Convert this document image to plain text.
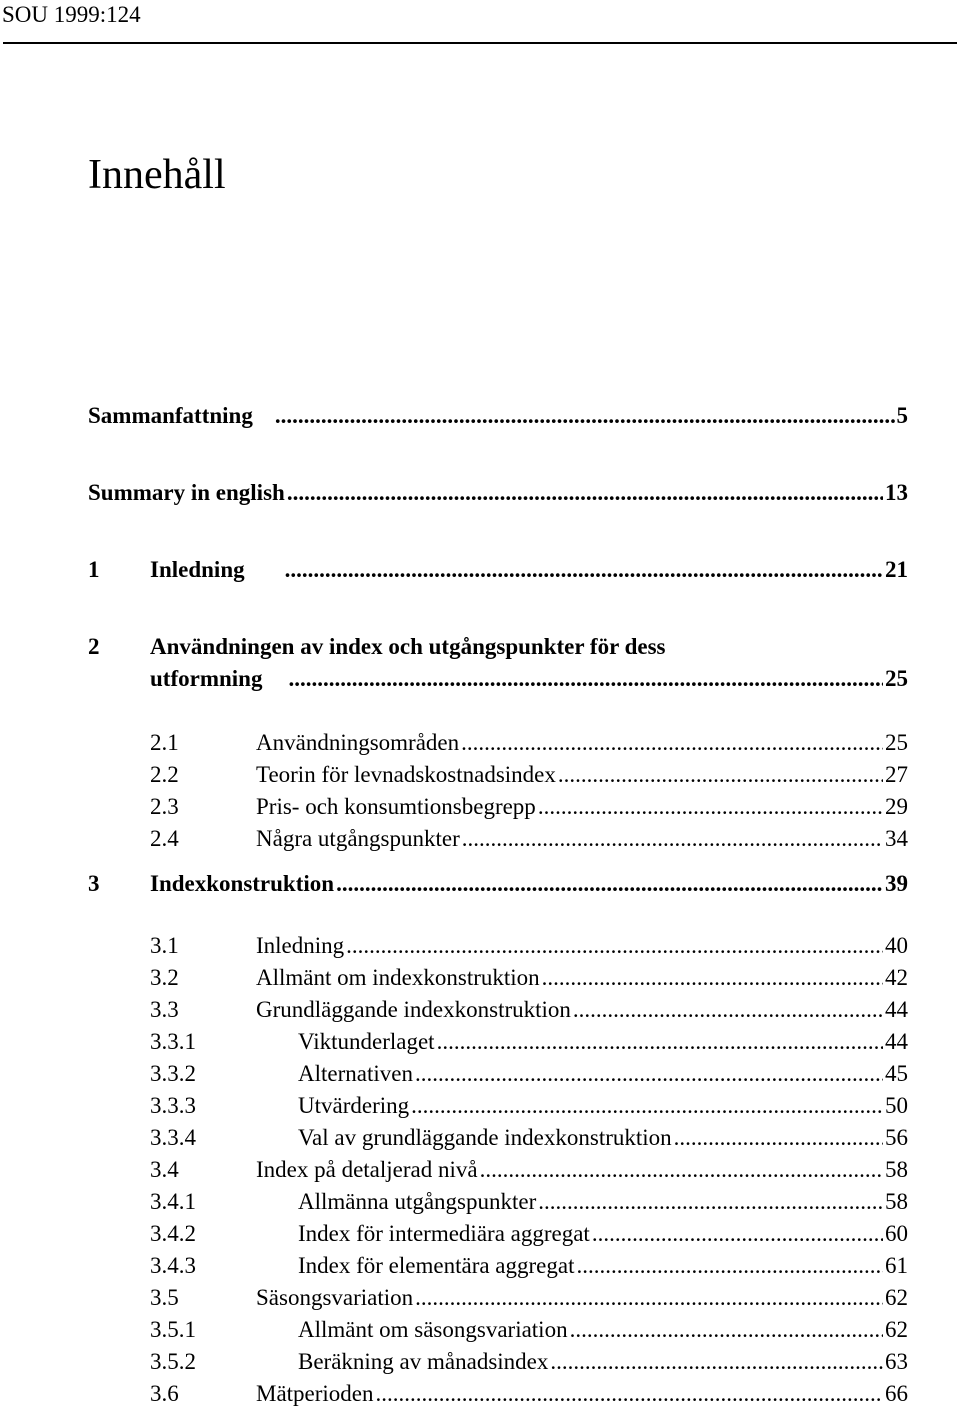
SOU 1999:124
Innehåll
Sammanfattning .....	5
Summary in english .....	13
1	Inledning .....	21
2	Användningen av index och utgångspunkter för dess
utformning .....	25
2.1	Användningsområden .....	25
2.2	Teorin för levnadskostnadsindex .....	27
2.3	Pris- och konsumtionsbegrepp .....	29
2.4	Några utgångspunkter .....	34
3	Indexkonstruktion .....	39
3.1	Inledning .....	40
3.2	Allmänt om indexkonstruktion .....	42
3.3	Grundläggande indexkonstruktion .....	44
3.3.1	Viktunderlaget .....	44
3.3.2	Alternativen .....	45
3.3.3	Utvärdering .....	50
3.3.4	Val av grundläggande indexkonstruktion .....	56
3.4	Index på detaljerad nivå .....	58
3.4.1	Allmänna utgångspunkter .....	58
3.4.2	Index för intermediära aggregat .....	60
3.4.3	Index för elementära aggregat .....	61
3.5	Säsongsvariation .....	62
3.5.1	Allmänt om säsongsvariation .....	62
3.5.2	Beräkning av månadsindex .....	63
3.6	Mätperioden .....	66
